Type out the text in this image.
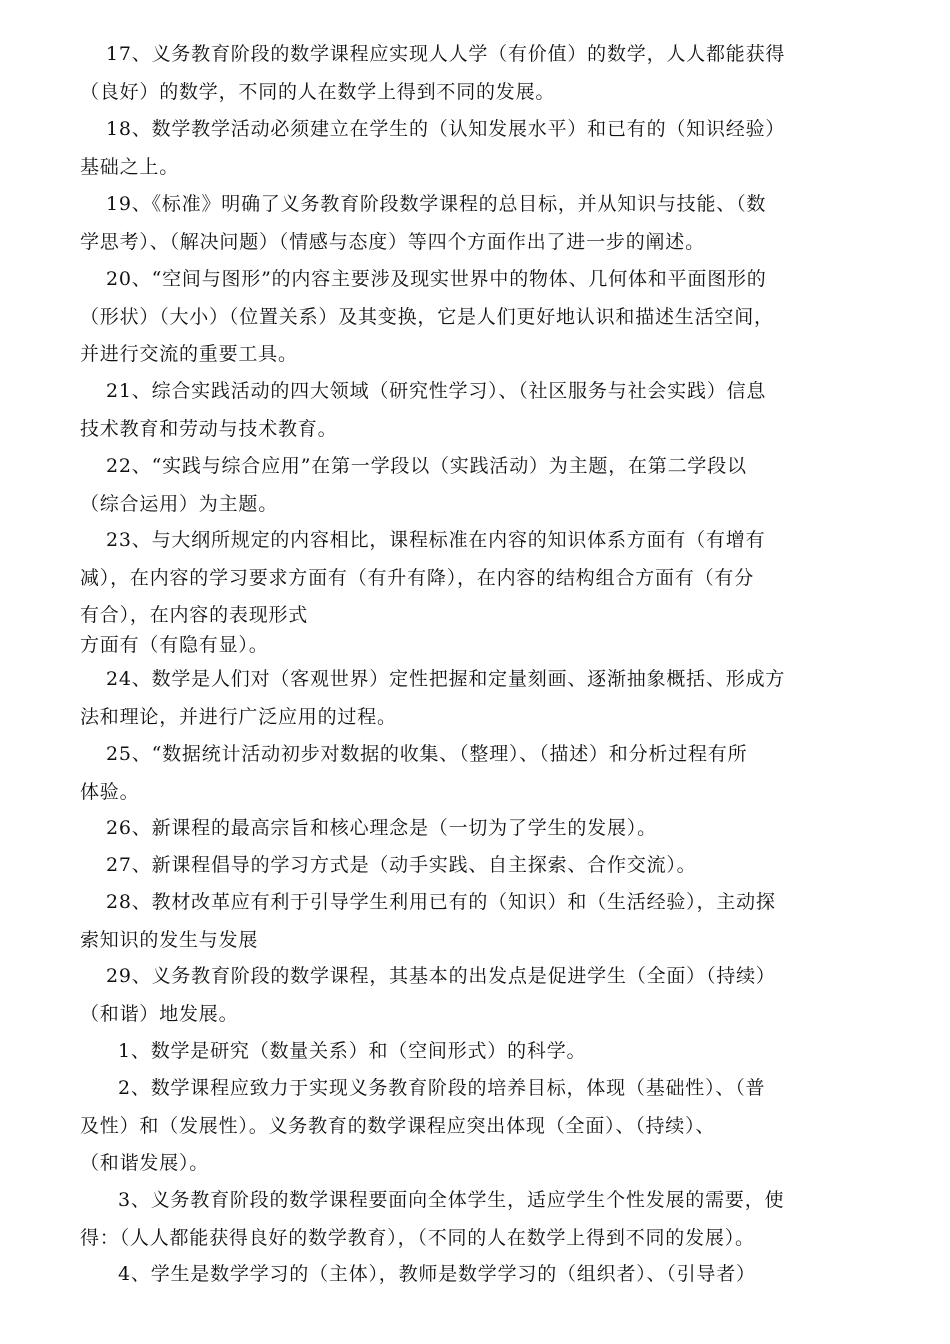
17、义务教育阶段的数学课程应实现人人学（有价值）的数学，人人都能获得
（良好）的数学，不同的人在数学上得到不同的发展。
18、数学教学活动必须建立在学生的（认知发展水平）和已有的（知识经验）
基础之上。
19、《标准》明确了义务教育阶段数学课程的总目标，并从知识与技能、（数
学思考）、（解决问题）（情感与态度）等四个方面作出了进一步的阐述。
20、“空间与图形”的内容主要涉及现实世界中的物体、几何体和平面图形的
（形状）（大小）（位置关系）及其变换，它是人们更好地认识和描述生活空间，
并进行交流的重要工具。
21、综合实践活动的四大领域（研究性学习）、（社区服务与社会实践）信息
技术教育和劳动与技术教育。
22、“实践与综合应用”在第一学段以（实践活动）为主题，在第二学段以
（综合运用）为主题。
23、与大纲所规定的内容相比，课程标准在内容的知识体系方面有（有增有
减），在内容的学习要求方面有（有升有降），在内容的结构组合方面有（有分
有合），在内容的表现形式
方面有（有隐有显）。
24、数学是人们对（客观世界）定性把握和定量刻画、逐渐抽象概括、形成方
法和理论，并进行广泛应用的过程。
25、“数据统计活动初步对数据的收集、（整理）、（描述）和分析过程有所
体验。
26、新课程的最高宗旨和核心理念是（一切为了学生的发展）。
27、新课程倡导的学习方式是（动手实践、自主探索、合作交流）。
28、教材改革应有利于引导学生利用已有的（知识）和（生活经验），主动探
索知识的发生与发展
29、义务教育阶段的数学课程，其基本的出发点是促进学生（全面）（持续）
（和谐）地发展。
1、数学是研究（数量关系）和（空间形式）的科学。
2、数学课程应致力于实现义务教育阶段的培养目标，体现（基础性）、（普
及性）和（发展性）。义务教育的数学课程应突出体现（全面）、（持续）、
（和谐发展）。
3、义务教育阶段的数学课程要面向全体学生，适应学生个性发展的需要，使
得：（人人都能获得良好的数学教育），（不同的人在数学上得到不同的发展）。
4、学生是数学学习的（主体），教师是数学学习的（组织者）、（引导者）
